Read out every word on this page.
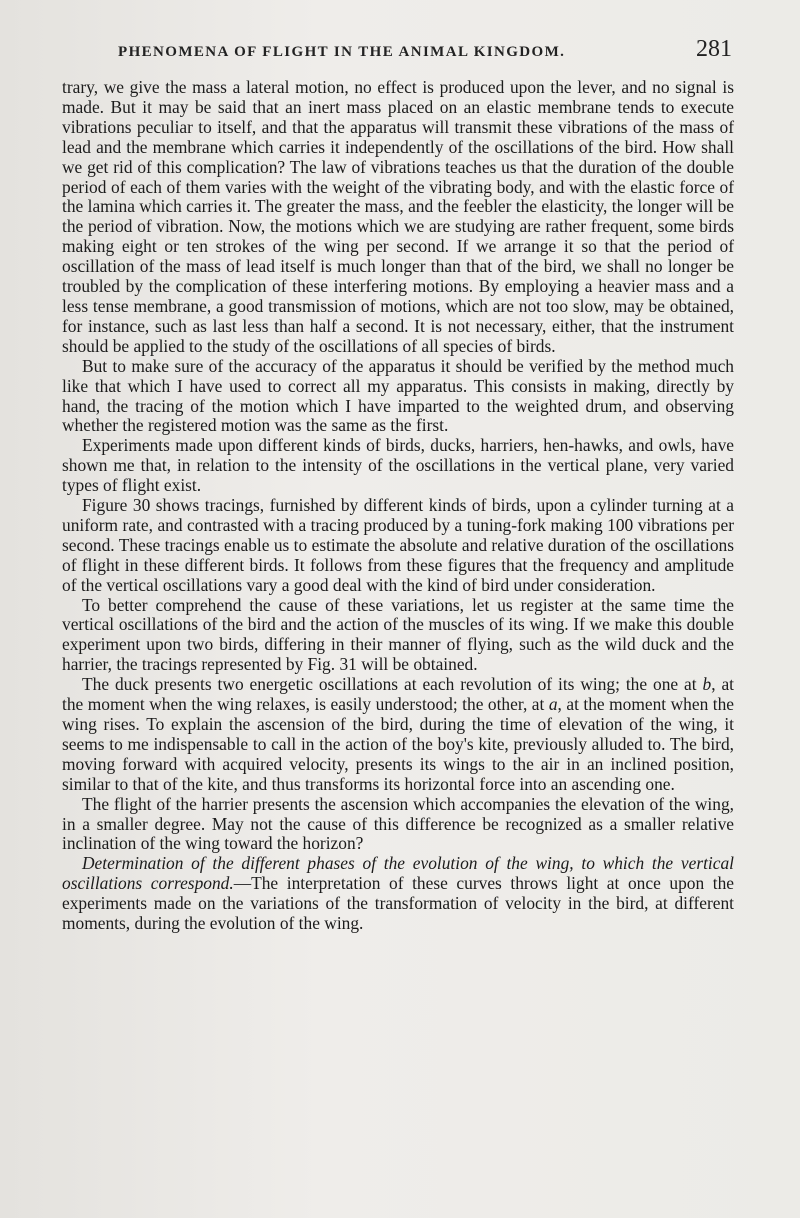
PHENOMENA OF FLIGHT IN THE ANIMAL KINGDOM.	281

trary, we give the mass a lateral motion, no effect is produced upon the lever, and no signal is made. But it may be said that an inert mass placed on an elastic membrane tends to execute vibrations peculiar to itself, and that the apparatus will transmit these vibrations of the mass of lead and the membrane which carries it independently of the oscillations of the bird. How shall we get rid of this complication? The law of vibrations teaches us that the duration of the double period of each of them varies with the weight of the vibrating body, and with the elastic force of the lamina which carries it. The greater the mass, and the feebler the elasticity, the longer will be the period of vibration. Now, the motions which we are studying are rather frequent, some birds making eight or ten strokes of the wing per second. If we arrange it so that the period of oscillation of the mass of lead itself is much longer than that of the bird, we shall no longer be troubled by the complication of these interfering motions. By employing a heavier mass and a less tense membrane, a good transmission of motions, which are not too slow, may be obtained, for instance, such as last less than half a second. It is not necessary, either, that the instrument should be applied to the study of the oscillations of all species of birds.

But to make sure of the accuracy of the apparatus it should be verified by the method much like that which I have used to correct all my apparatus. This consists in making, directly by hand, the tracing of the motion which I have imparted to the weighted drum, and observing whether the registered motion was the same as the first.

Experiments made upon different kinds of birds, ducks, harriers, hen-hawks, and owls, have shown me that, in relation to the intensity of the oscillations in the vertical plane, very varied types of flight exist.

Figure 30 shows tracings, furnished by different kinds of birds, upon a cylinder turning at a uniform rate, and contrasted with a tracing produced by a tuning-fork making 100 vibrations per second. These tracings enable us to estimate the absolute and relative duration of the oscillations of flight in these different birds. It follows from these figures that the frequency and amplitude of the vertical oscillations vary a good deal with the kind of bird under consideration.

To better comprehend the cause of these variations, let us register at the same time the vertical oscillations of the bird and the action of the muscles of its wing. If we make this double experiment upon two birds, differing in their manner of flying, such as the wild duck and the harrier, the tracings represented by Fig. 31 will be obtained.

The duck presents two energetic oscillations at each revolution of its wing; the one at b, at the moment when the wing relaxes, is easily understood; the other, at a, at the moment when the wing rises. To explain the ascension of the bird, during the time of elevation of the wing, it seems to me indispensable to call in the action of the boy's kite, previously alluded to. The bird, moving forward with acquired velocity, presents its wings to the air in an inclined position, similar to that of the kite, and thus transforms its horizontal force into an ascending one.

The flight of the harrier presents the ascension which accompanies the elevation of the wing, in a smaller degree. May not the cause of this difference be recognized as a smaller relative inclination of the wing toward the horizon?

Determination of the different phases of the evolution of the wing, to which the vertical oscillations correspond.—The interpretation of these curves throws light at once upon the experiments made on the variations of the transformation of velocity in the bird, at different moments, during the evolution of the wing.
